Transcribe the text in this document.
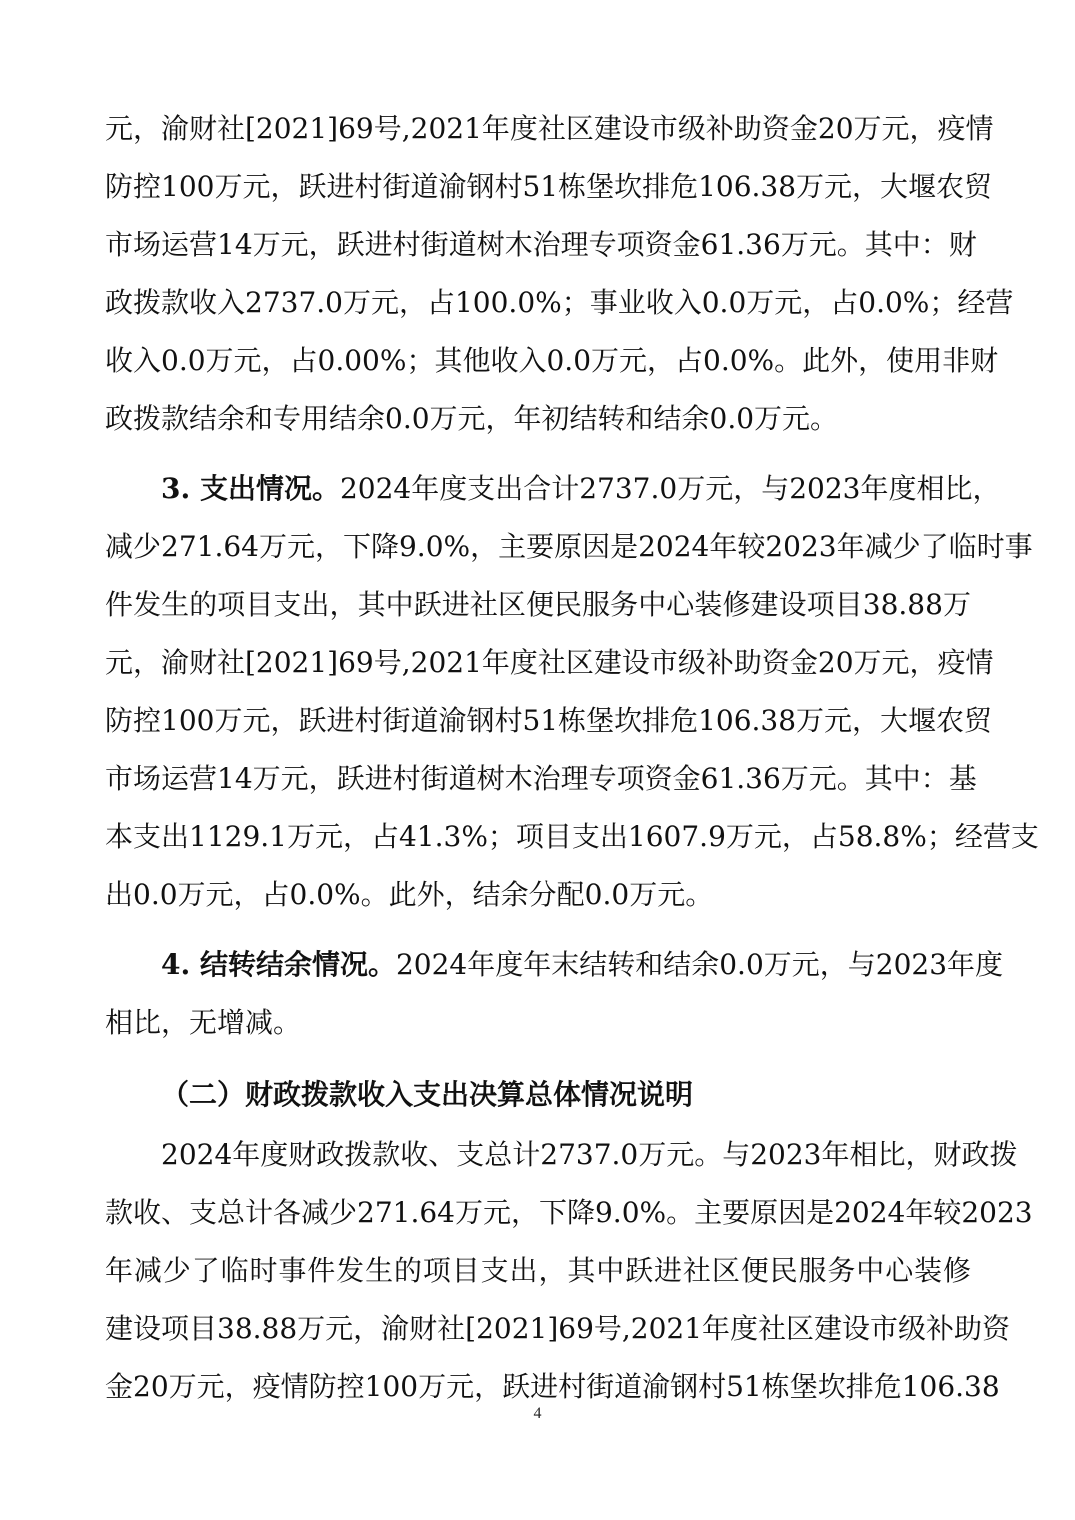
元，渝财社[2021]69号,2021年度社区建设市级补助资金20万元，疫情
防控100万元，跃进村街道渝钢村51栋堡坎排危106.38万元，大堰农贸
市场运营14万元，跃进村街道树木治理专项资金61.36万元。其中：财
政拨款收入2737.0万元，占100.0%；事业收入0.0万元，占0.0%；经营
收入0.0万元，占0.00%；其他收入0.0万元，占0.0%。此外，使用非财
政拨款结余和专用结余0.0万元，年初结转和结余0.0万元。
3. 支出情况。2024年度支出合计2737.0万元，与2023年度相比，
减少271.64万元，下降9.0%，主要原因是2024年较2023年减少了临时事
件发生的项目支出，其中跃进社区便民服务中心装修建设项目38.88万
元，渝财社[2021]69号,2021年度社区建设市级补助资金20万元，疫情
防控100万元，跃进村街道渝钢村51栋堡坎排危106.38万元，大堰农贸
市场运营14万元，跃进村街道树木治理专项资金61.36万元。其中：基
本支出1129.1万元，占41.3%；项目支出1607.9万元，占58.8%；经营支
出0.0万元，占0.0%。此外，结余分配0.0万元。
4. 结转结余情况。2024年度年末结转和结余0.0万元，与2023年度
相比，无增减。
（二）财政拨款收入支出决算总体情况说明
2024年度财政拨款收、支总计2737.0万元。与2023年相比，财政拨
款收、支总计各减少271.64万元，下降9.0%。主要原因是2024年较2023
年减少了临时事件发生的项目支出，其中跃进社区便民服务中心装修
建设项目38.88万元，渝财社[2021]69号,2021年度社区建设市级补助资
金20万元，疫情防控100万元，跃进村街道渝钢村51栋堡坎排危106.38
4
